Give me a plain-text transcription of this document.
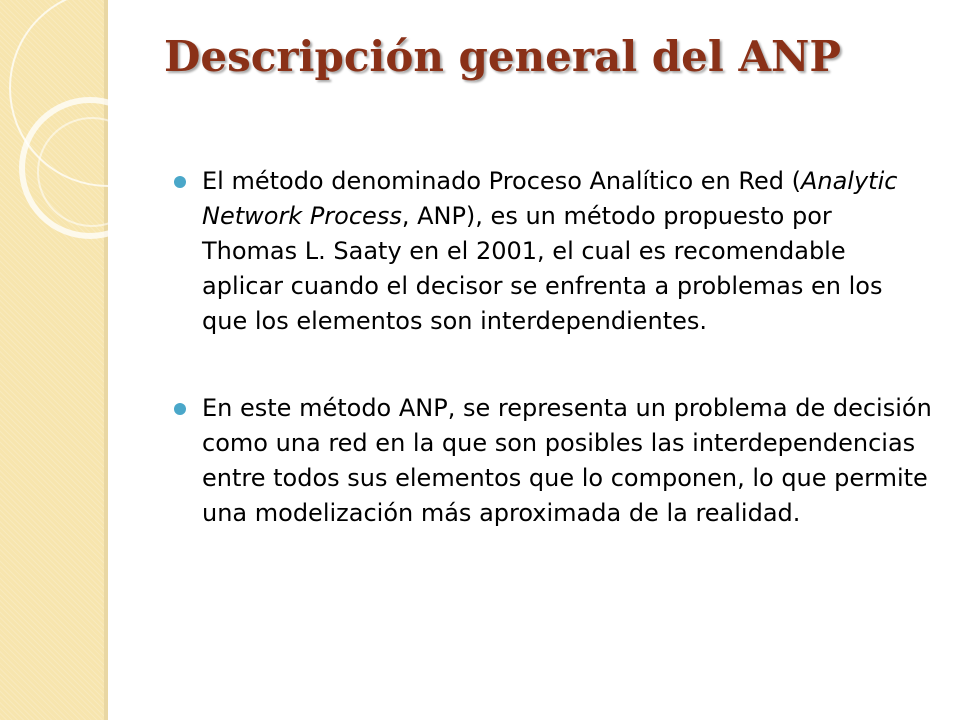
Descripción general del ANP
El método denominado Proceso Analítico en Red (Analytic Network Process, ANP), es un método propuesto por Thomas L. Saaty en el 2001, el cual es recomendable aplicar cuando el decisor se enfrenta a problemas en los que los elementos son interdependientes.
En este método ANP, se representa un problema de decisión como una red en la que son posibles las interdependencias entre todos sus elementos que lo componen, lo que permite una modelización más aproximada de la realidad.
